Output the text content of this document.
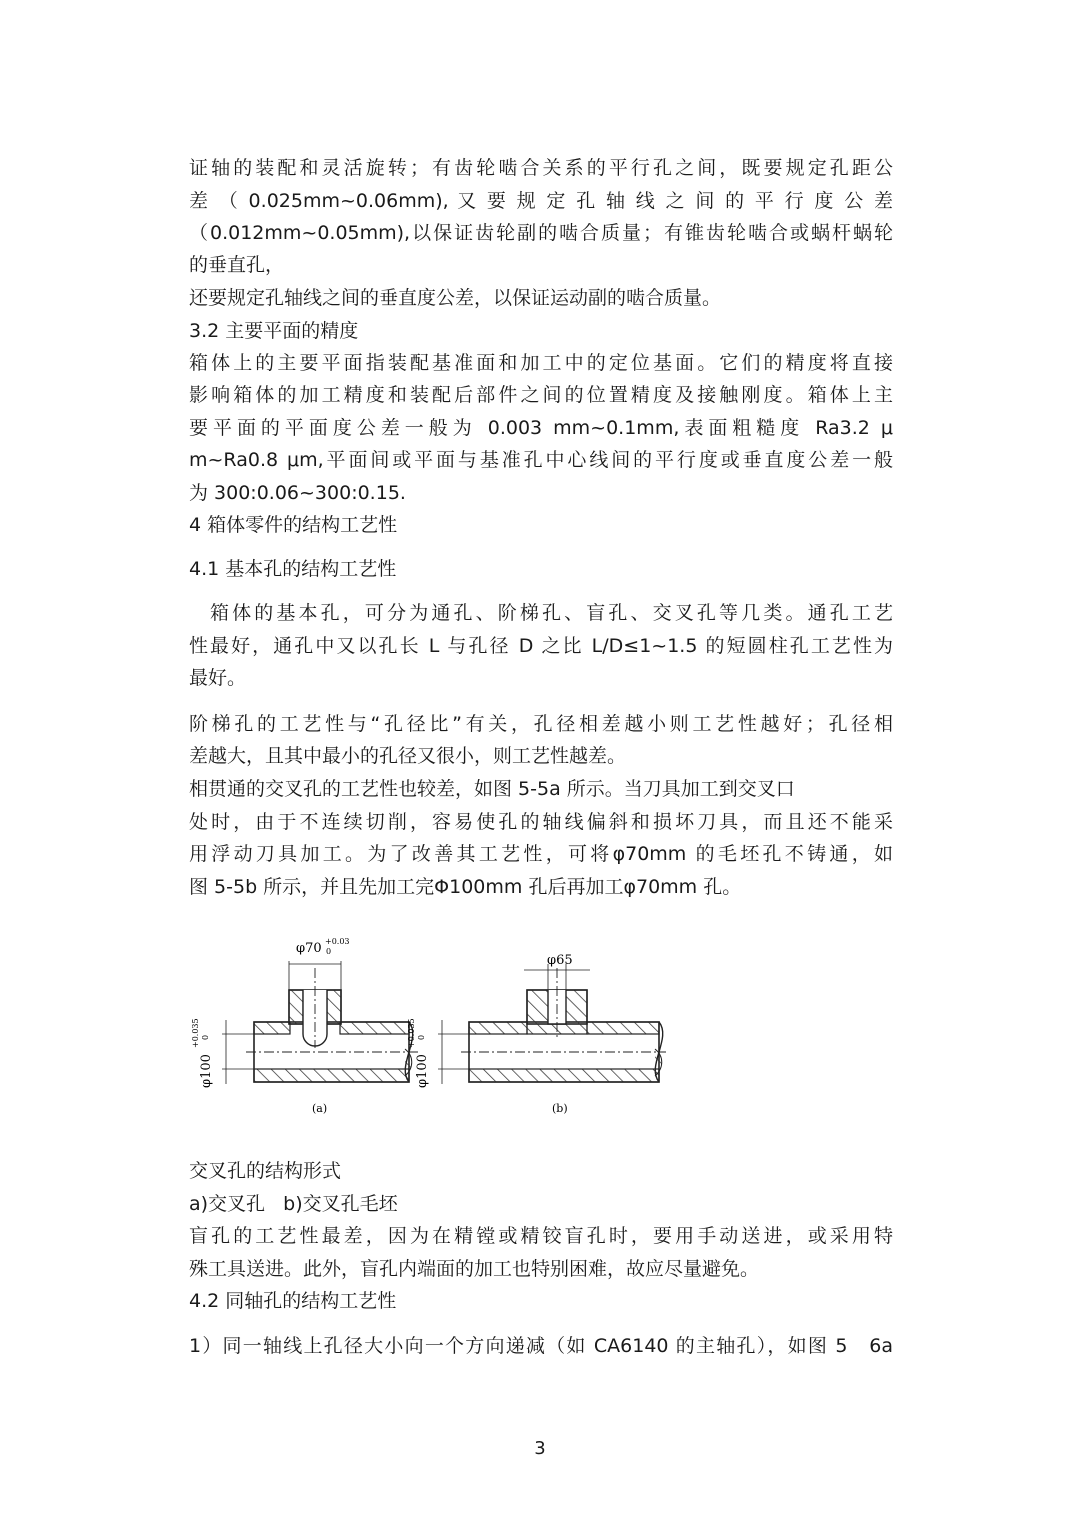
证轴的装配和灵活旋转；有齿轮啮合关系的平行孔之间，既要规定孔距公
差 （ 0.025mm~0.06mm), 又 要 规 定 孔 轴 线 之 间 的 平 行 度 公 差
（0.012mm~0.05mm),以保证齿轮副的啮合质量；有锥齿轮啮合或蜗杆蜗轮
的垂直孔，
还要规定孔轴线之间的垂直度公差，以保证运动副的啮合质量。
3.2 主要平面的精度
箱体上的主要平面指装配基准面和加工中的定位基面。它们的精度将直接
影响箱体的加工精度和装配后部件之间的位置精度及接触刚度。箱体上主
要平面的平面度公差一般为 0.003 mm~0.1mm,表面粗糙度 Ra3.2 μ
m~Ra0.8 μm,平面间或平面与基准孔中心线间的平行度或垂直度公差一般
为 300:0.06~300:0.15.
4 箱体零件的结构工艺性
4.1 基本孔的结构工艺性
箱体的基本孔，可分为通孔、阶梯孔、盲孔、交叉孔等几类。通孔工艺
性最好，通孔中又以孔长 L 与孔径 D 之比 L/D≤1~1.5 的短圆柱孔工艺性为
最好。
阶梯孔的工艺性与“孔径比”有关，孔径相差越小则工艺性越好；孔径相
差越大，且其中最小的孔径又很小，则工艺性越差。
相贯通的交叉孔的工艺性也较差，如图 5-5a 所示。当刀具加工到交叉口
处时，由于不连续切削，容易使孔的轴线偏斜和损坏刀具，而且还不能采
用浮动刀具加工。为了改善其工艺性，可将φ70mm 的毛坯孔不铸通，如
图 5-5b 所示，并且先加工完Φ100mm 孔后再加工φ70mm 孔。
φ70 +0.03
0
φ100
+0.035 0
(a)
φ65
φ100
+0.035 0
(b)
交叉孔的结构形式
a)交叉孔   b)交叉孔毛坯
盲孔的工艺性最差，因为在精镗或精铰盲孔时，要用手动送进，或采用特
殊工具送进。此外，盲孔内端面的加工也特别困难，故应尽量避免。
4.2 同轴孔的结构工艺性
1）同一轴线上孔径大小向一个方向递减（如 CA6140 的主轴孔），如图 5   6a
3
